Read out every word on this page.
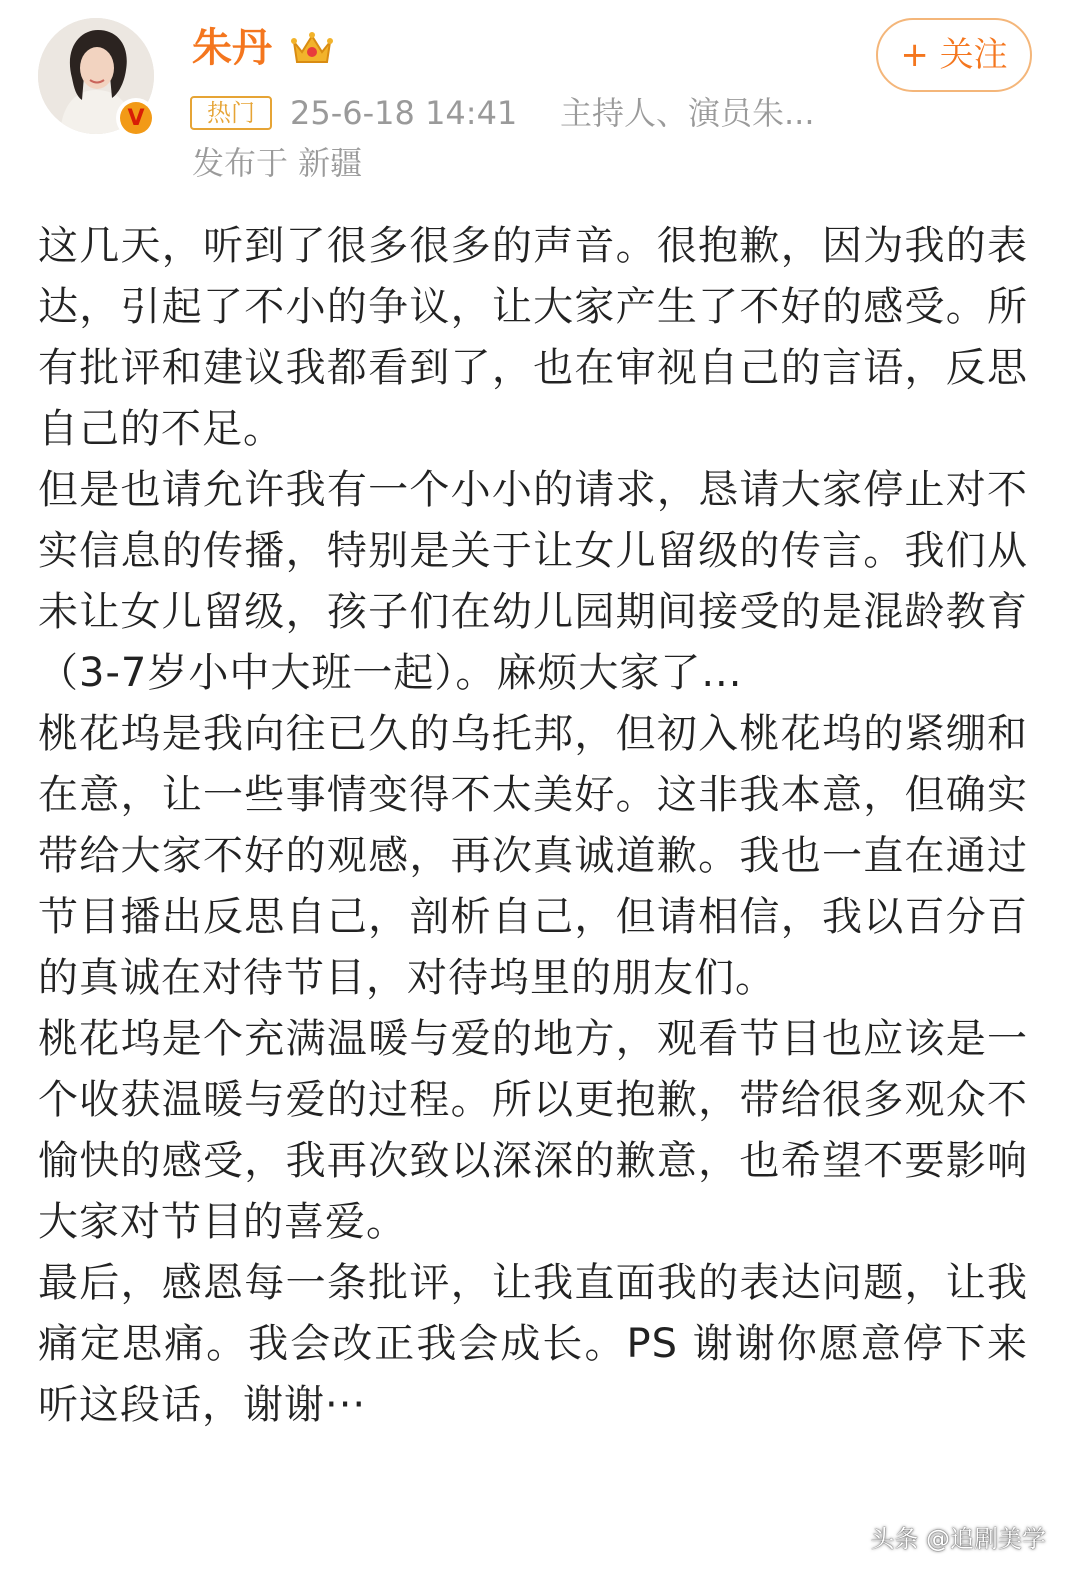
V
朱丹
热门	25-6-18 14:41 主持人、演员朱...
发布于 新疆
+ 关注

这几天，听到了很多很多的声音。很抱歉，因为我的表达，引起了不小的争议，让大家产生了不好的感受。所有批评和建议我都看到了，也在审视自己的言语，反思自己的不足。

但是也请允许我有一个小小的请求，恳请大家停止对不实信息的传播，特别是关于让女儿留级的传言。我们从未让女儿留级，孩子们在幼儿园期间接受的是混龄教育（3-7岁小中大班一起）。麻烦大家了...

桃花坞是我向往已久的乌托邦，但初入桃花坞的紧绷和在意，让一些事情变得不太美好。这非我本意，但确实带给大家不好的观感，再次真诚道歉。我也一直在通过节目播出反思自己，剖析自己，但请相信，我以百分百的真诚在对待节目，对待坞里的朋友们。

桃花坞是个充满温暖与爱的地方，观看节目也应该是一个收获温暖与爱的过程。所以更抱歉，带给很多观众不愉快的感受，我再次致以深深的歉意，也希望不要影响大家对节目的喜爱。

最后，感恩每一条批评，让我直面我的表达问题，让我痛定思痛。我会改正我会成长。PS 谢谢你愿意停下来听这段话，谢谢···

头条 @追剧美学
